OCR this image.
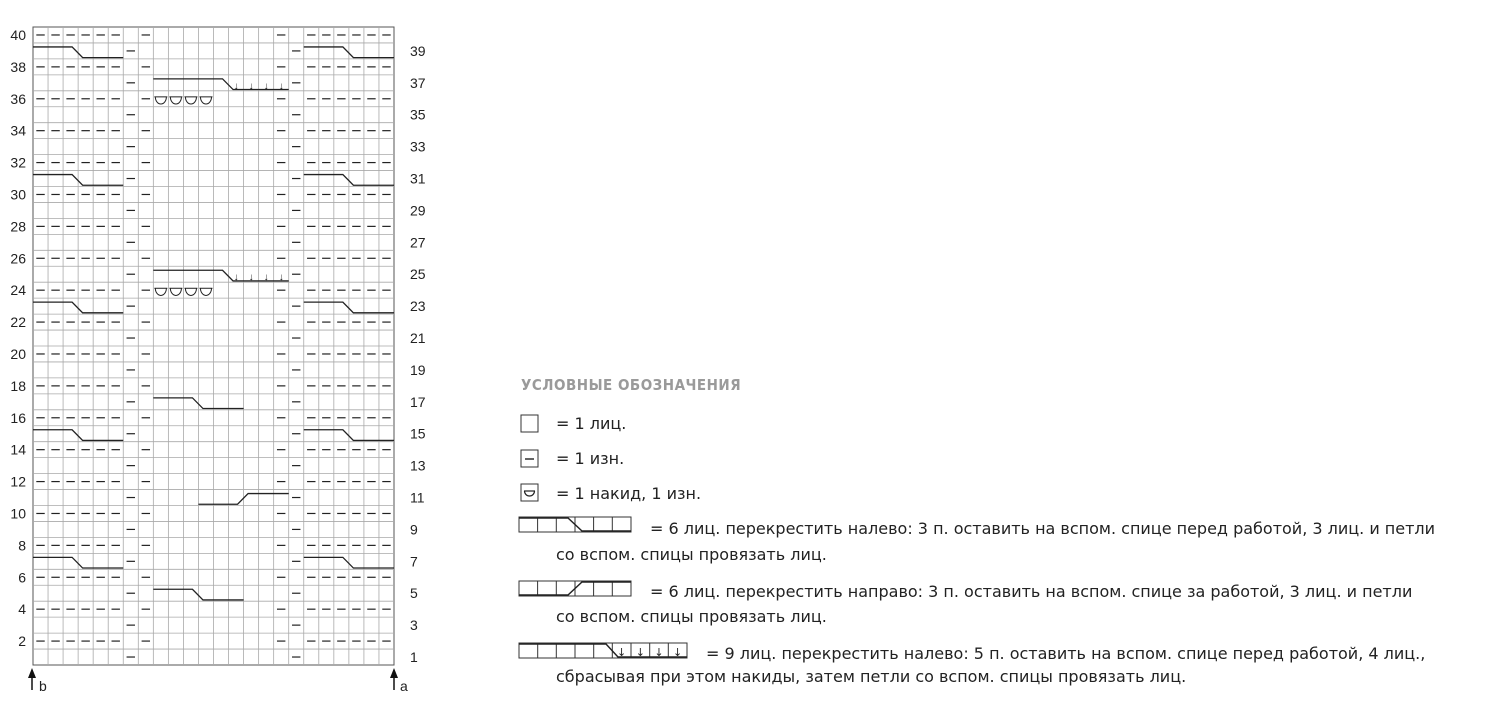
↓ ↓ ↓ ↓
↓ ↓ ↓ ↓
2
4
6
8
10
12
14
16
18
20
22
24
26
28
30
32
34
36
38
40
1
3
5
7
9
11
13
15
17
19
21
23
25
27
29
31
33
35
37
39
b	a
УСЛОВНЫЕ ОБОЗНАЧЕНИЯ
= 1 лиц.
= 1 изн.
= 1 накид, 1 изн.
= 6 лиц. перекрестить налево: 3 п. оставить на вспом. спице перед работой, 3 лиц. и петли
со вспом. спицы провязать лиц.
= 6 лиц. перекрестить направо: 3 п. оставить на вспом. спице за работой, 3 лиц. и петли
со вспом. спицы провязать лиц.
↓ ↓ ↓ ↓ = 9 лиц. перекрестить налево: 5 п. оставить на вспом. спице перед работой, 4 лиц.,
сбрасывая при этом накиды, затем петли со вспом. спицы провязать лиц.
